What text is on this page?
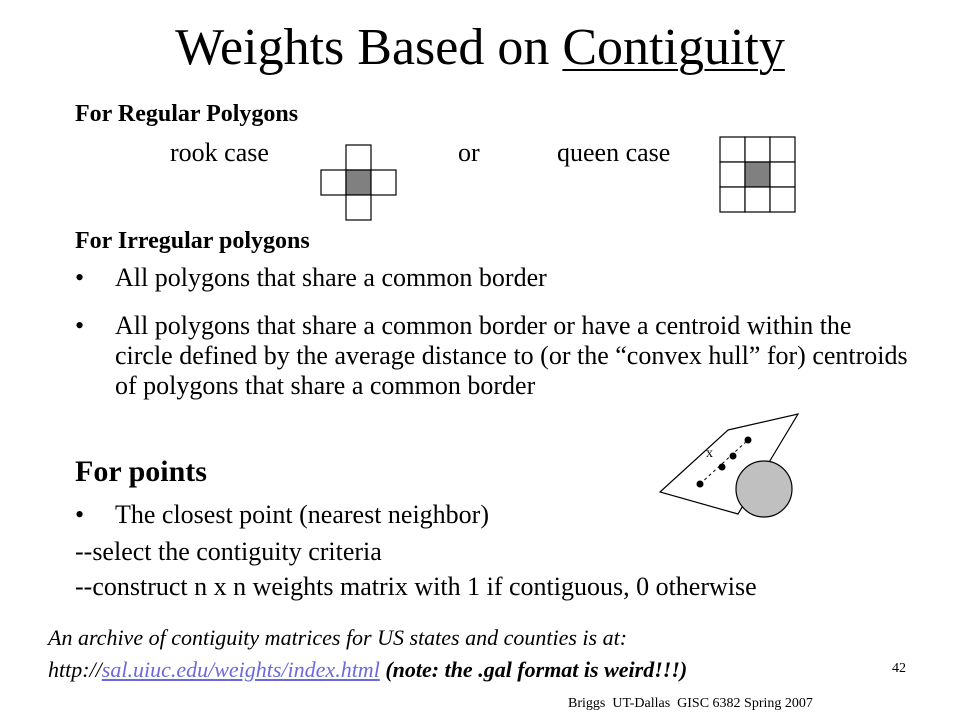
Weights Based on Contiguity
For Regular Polygons
rook case	or	queen case
For Irregular polygons
• All polygons that share a common border
• All polygons that share a common border or have a centroid within the circle defined by the average distance to (or the “convex hull” for) centroids of polygons that share a common border
For points
x
• The closest point (nearest neighbor)
--select the contiguity criteria
--construct n x n weights matrix with 1 if contiguous, 0 otherwise
An archive of contiguity matrices for US states and counties is at:
http://sal.uiuc.edu/weights/index.html (note: the .gal format is weird!!!)	42
Briggs  UT-Dallas  GISC 6382 Spring 2007
